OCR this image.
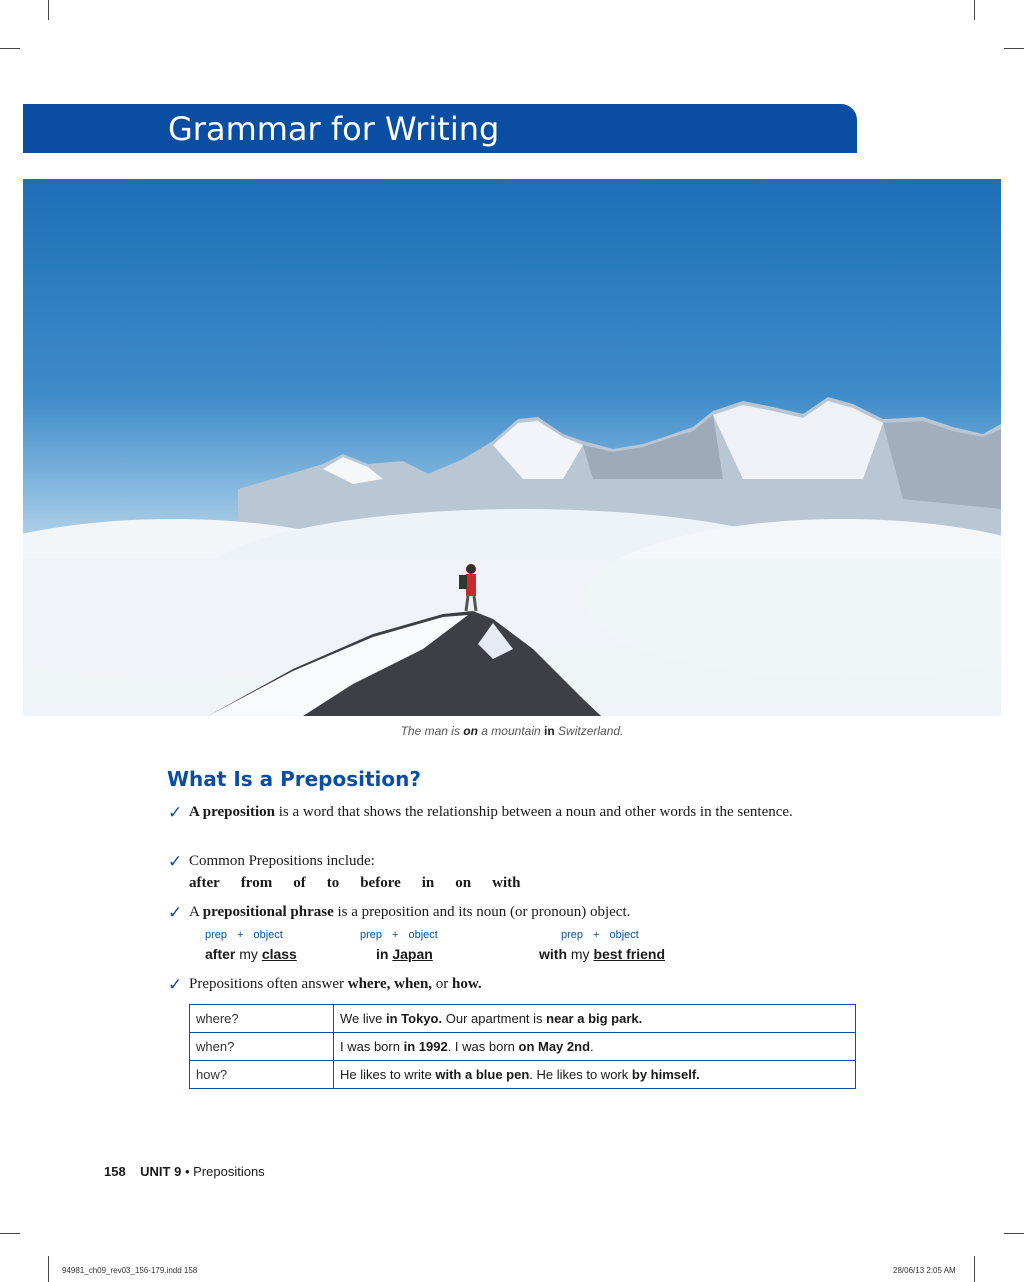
Grammar for Writing
The man is on a mountain in Switzerland.
What Is a Preposition?
✓ A preposition is a word that shows the relationship between a noun and other words in the sentence.
✓ Common Prepositions include:
after from of to before in on with
✓ A prepositional phrase is a preposition and its noun (or pronoun) object.
prep + object	prep + object	prep + object
after my class	in Japan	with my best friend
✓ Prepositions often answer where, when, or how.
where?	We live in Tokyo. Our apartment is near a big park.
when?	I was born in 1992. I was born on May 2nd.
how?	He likes to write with a blue pen. He likes to work by himself.
158 UNIT 9 • Prepositions
94981_ch09_rev03_156-179.indd 158	28/06/13 2:05 AM
